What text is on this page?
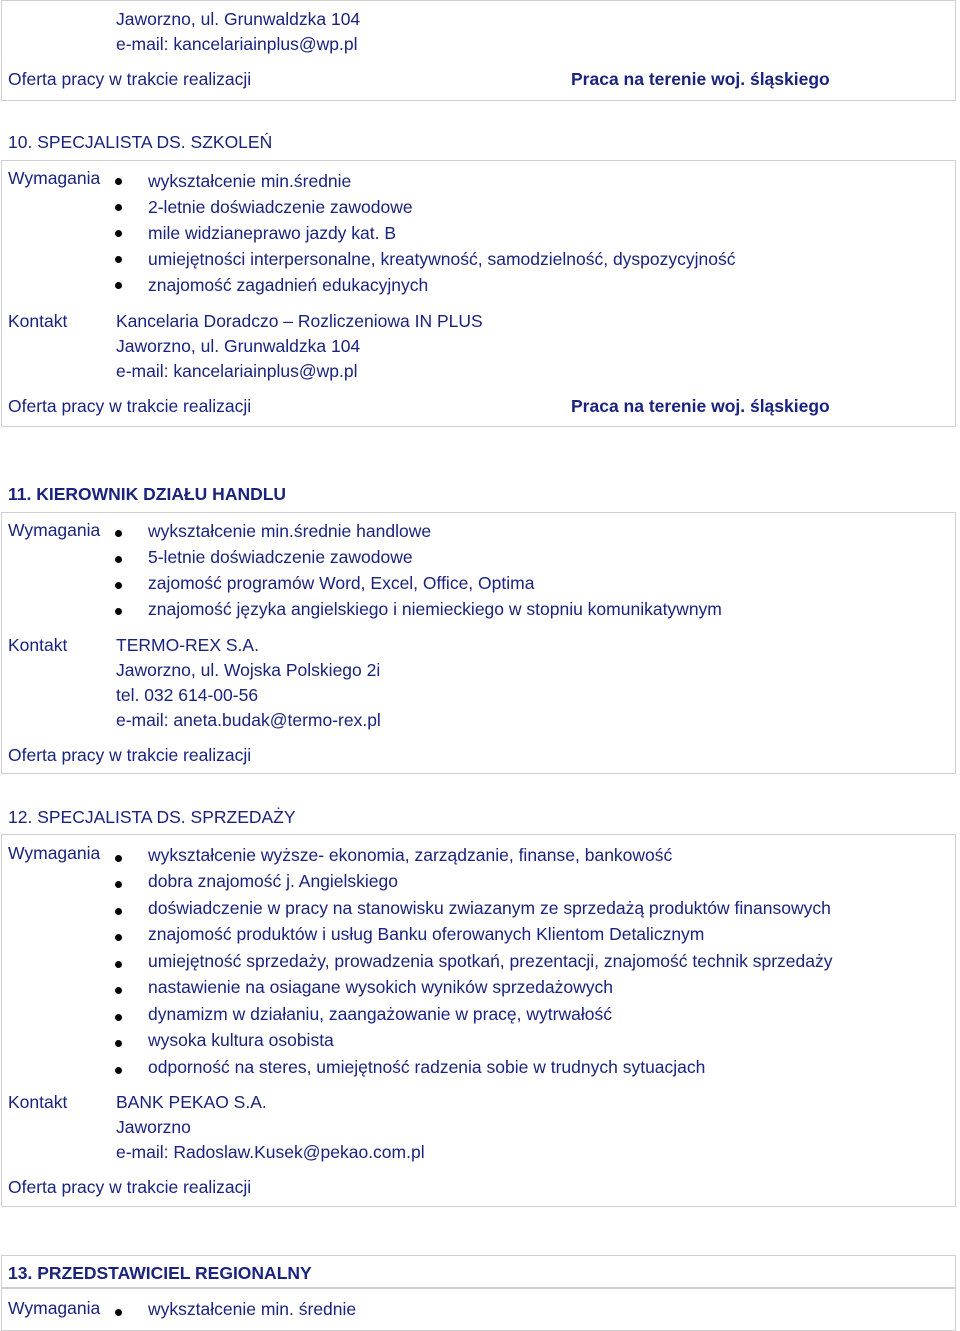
Jaworzno, ul. Grunwaldzka 104
e-mail: kancelariainplus@wp.pl
Oferta pracy w trakcie realizacji	Praca na terenie woj. śląskiego
10. SPECJALISTA DS. SZKOLEŃ
Wymagania	wykształcenie min.średnie
2-letnie doświadczenie zawodowe
mile widzianeprawo jazdy kat. B
umiejętności interpersonalne, kreatywność, samodzielność, dyspozycyjność
znajomość zagadnień edukacyjnych
Kontakt	Kancelaria Doradczo – Rozliczeniowa IN PLUS
Jaworzno, ul. Grunwaldzka 104
e-mail: kancelariainplus@wp.pl
Oferta pracy w trakcie realizacji	Praca na terenie woj. śląskiego
11. KIEROWNIK DZIAŁU HANDLU
Wymagania	wykształcenie min.średnie handlowe
5-letnie doświadczenie zawodowe
zajomość programów Word, Excel, Office, Optima
znajomość języka angielskiego i niemieckiego w stopniu komunikatywnym
Kontakt	TERMO-REX S.A.
Jaworzno, ul. Wojska Polskiego 2i
tel. 032 614-00-56
e-mail: aneta.budak@termo-rex.pl
Oferta pracy w trakcie realizacji
12. SPECJALISTA DS. SPRZEDAŻY
Wymagania	wykształcenie wyższe- ekonomia, zarządzanie, finanse, bankowość
dobra znajomość j. Angielskiego
doświadczenie w pracy na stanowisku zwiazanym ze sprzedażą produktów finansowych
znajomość produktów i usług Banku oferowanych Klientom Detalicznym
umiejętność sprzedaży, prowadzenia spotkań, prezentacji, znajomość technik sprzedaży
nastawienie na osiagane wysokich wyników sprzedażowych
dynamizm w działaniu, zaangażowanie w pracę, wytrwałość
wysoka kultura osobista
odporność na steres, umiejętność radzenia sobie w trudnych sytuacjach
Kontakt	BANK PEKAO S.A.
Jaworzno
e-mail: Radoslaw.Kusek@pekao.com.pl
Oferta pracy w trakcie realizacji
13. PRZEDSTAWICIEL REGIONALNY
Wymagania	wykształcenie min. średnie
